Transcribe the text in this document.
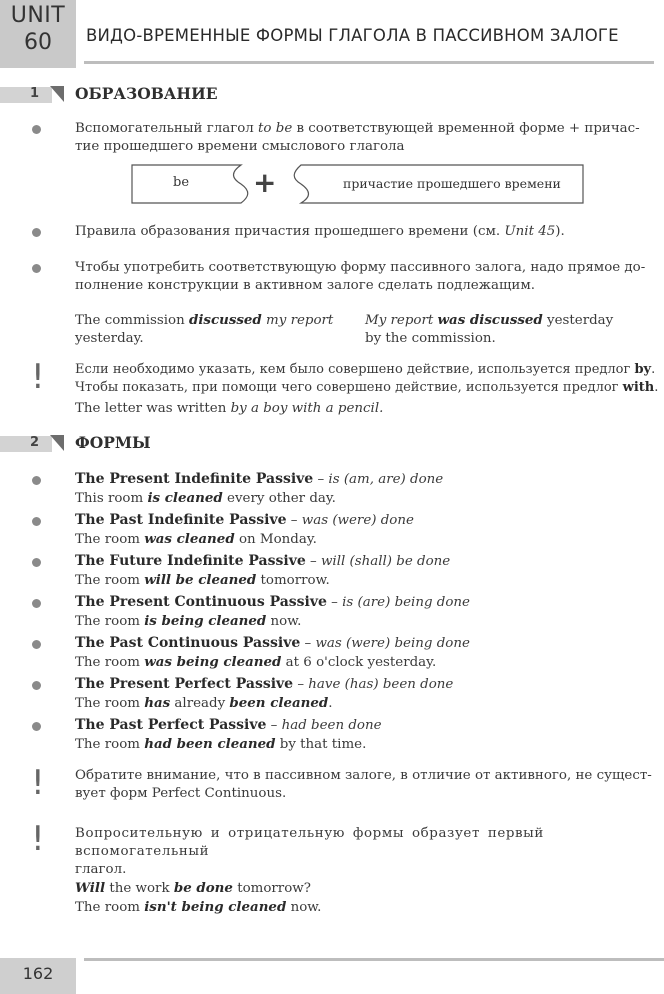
UNIT
60	ВИДО-ВРЕМЕННЫЕ ФОРМЫ ГЛАГОЛА В ПАССИВНОМ ЗАЛОГЕ
1 ОБРАЗОВАНИЕ
Вспомогательный глагол to be в соответствующей временной форме + причас-
тие прошедшего времени смыслового глагола
be +	причастие прошедшего времени
Правила образования причастия прошедшего времени (см. Unit 45).
Чтобы употребить соответствующую форму пассивного залога, надо прямое до-
полнение конструкции в активном залоге сделать подлежащим.
The commission discussed my report
yesterday.
My report was discussed yesterday
by the commission.
! Если необходимо указать, кем было совершено действие, используется предлог by.
Чтобы показать, при помощи чего совершено действие, используется предлог with.
The letter was written by a boy with a pencil.
2 ФОРМЫ
The Present Indefinite Passive – is (am, are) done
This room is cleaned every other day.
The Past Indefinite Passive – was (were) done
The room was cleaned on Monday.
The Future Indefinite Passive – will (shall) be done
The room will be cleaned tomorrow.
The Present Continuous Passive – is (are) being done
The room is being cleaned now.
The Past Continuous Passive – was (were) being done
The room was being cleaned at 6 o'clock yesterday.
The Present Perfect Passive – have (has) been done
The room has already been cleaned.
The Past Perfect Passive – had been done
The room had been cleaned by that time.
! Обратите внимание, что в пассивном залоге, в отличие от активного, не сущест-
вует форм Perfect Continuous.
! Вопросительную и отрицательную формы образует первый вспомогательный
глагол.
Will the work be done tomorrow?
The room isn't being cleaned now.
162
